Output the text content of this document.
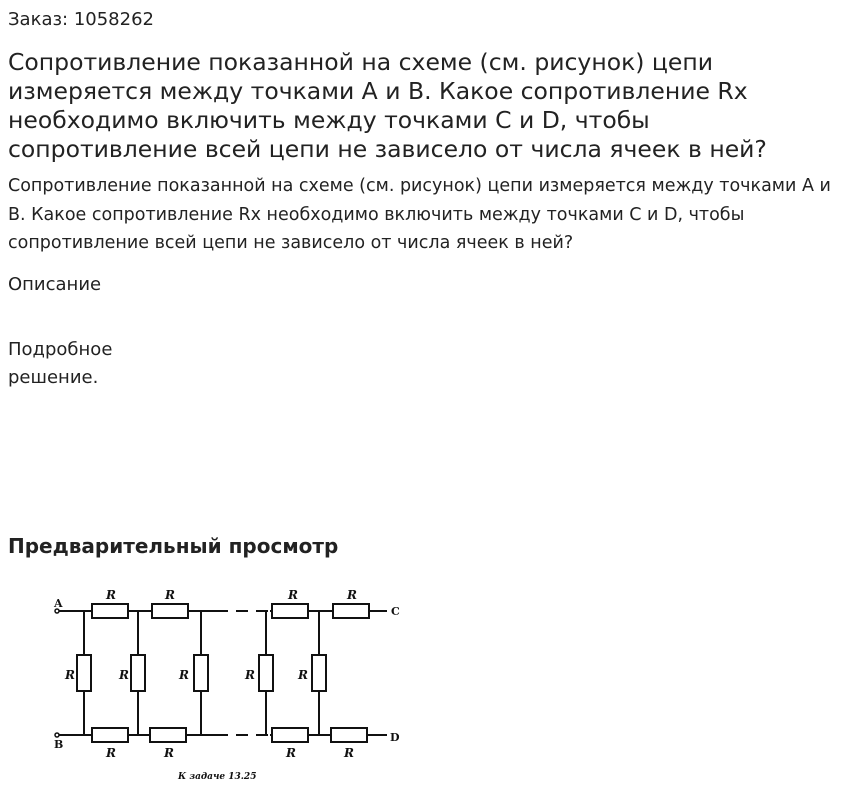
Заказ: 1058262
Сопротивление показанной на схеме (см. рисунок) цепи измеряется между точками А и В. Какое сопротивление Rх необходимо включить между точками С и D, чтобы сопротивление всей цепи не зависело от числа ячеек в ней?
Сопротивление показанной на схеме (см. рисунок) цепи измеряется между точками А и В. Какое сопротивление Rх необходимо включить между точками С и D, чтобы сопротивление всей цепи не зависело от числа ячеек в ней?
Описание
Подробное решение.
Предварительный просмотр
R	R	R	R
R	R	R	R
R	R	R	R	R
A
B
C
D
К задаче 13.25
